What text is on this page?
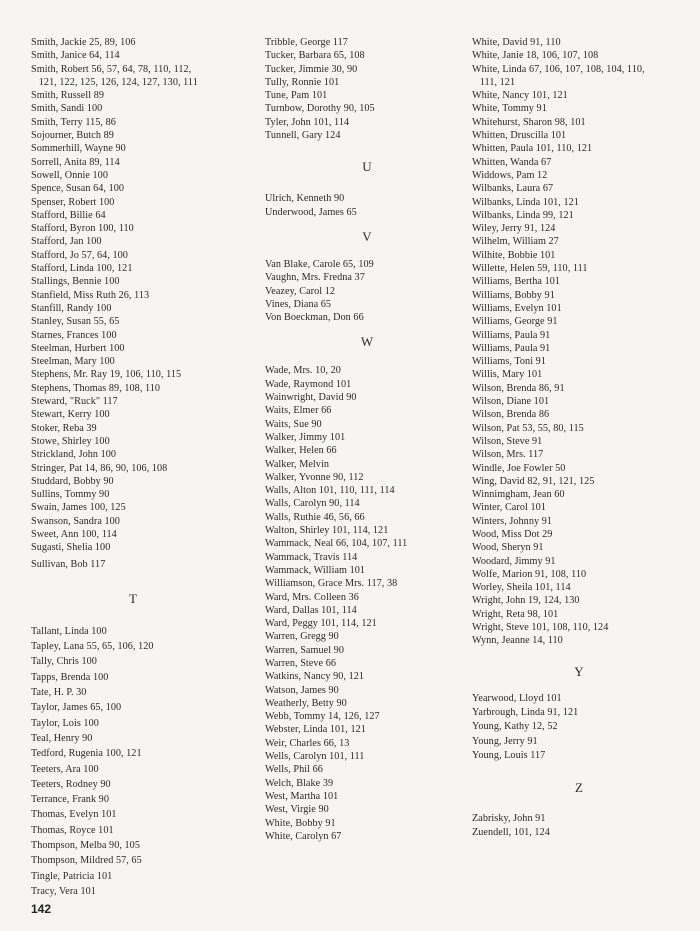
Smith, Jackie 25, 89, 106
Smith, Janice 64, 114
Smith, Robert 56, 57, 64, 78, 110, 112,
121, 122, 125, 126, 124, 127, 130, 111
Smith, Russell 89
Smith, Sandi 100
Smith, Terry 115, 86
Sojourner, Butch 89
Sommerhill, Wayne 90
Sorrell, Anita 89, 114
Sowell, Onnie 100
Spence, Susan 64, 100
Spenser, Robert 100
Stafford, Billie 64
Stafford, Byron 100, 110
Stafford, Jan 100
Stafford, Jo 57, 64, 100
Stafford, Linda 100, 121
Stallings, Bennie 100
Stanfield, Miss Ruth 26, 113
Stanfill, Randy 100
Stanley, Susan 55, 65
Starnes, Frances 100
Steelman, Hurbert 100
Steelman, Mary 100
Stephens, Mr. Ray 19, 106, 110, 115
Stephens, Thomas 89, 108, 110
Steward, "Ruck" 117
Stewart, Kerry 100
Stoker, Reba 39
Stowe, Shirley 100
Strickland, John 100
Stringer, Pat 14, 86, 90, 106, 108
Studdard, Bobby 90
Sullins, Tommy 90
Swain, James 100, 125
Swanson, Sandra 100
Sweet, Ann 100, 114
Sugasti, Shelia 100
Sullivan, Bob 117
T
Tallant, Linda 100
Tapley, Lana 55, 65, 106, 120
Tally, Chris 100
Tapps, Brenda 100
Tate, H. P. 30
Taylor, James 65, 100
Taylor, Lois 100
Teal, Henry 90
Tedford, Rugenia 100, 121
Teeters, Ara 100
Teeters, Rodney 90
Terrance, Frank 90
Thomas, Evelyn 101
Thomas, Royce 101
Thompson, Melba 90, 105
Thompson, Mildred 57, 65
Tingle, Patricia 101
Tracy, Vera 101
Tribble, George 117
Tucker, Barbara 65, 108
Tucker, Jimmie 30, 90
Tully, Ronnie 101
Tune, Pam 101
Turnbow, Dorothy 90, 105
Tyler, John 101, 114
Tunnell, Gary 124
U
Ulrich, Kenneth 90
Underwood, James 65
V
Van Blake, Carole 65, 109
Vaughn, Mrs. Fredna 37
Veazey, Carol 12
Vines, Diana 65
Von Boeckman, Don 66
W
Wade, Mrs. 10, 20
Wade, Raymond 101
Wainwright, David 90
Waits, Elmer 66
Waits, Sue 90
Walker, Jimmy 101
Walker, Helen 66
Walker, Melvin
Walker, Yvonne 90, 112
Walls, Alton 101, 110, 111, 114
Walls, Carolyn 90, 114
Walls, Ruthie 46, 56, 66
Walton, Shirley 101, 114, 121
Wammack, Neal 66, 104, 107, 111
Wammack, Travis 114
Wammack, William 101
Williamson, Grace Mrs. 117, 38
Ward, Mrs. Colleen 36
Ward, Dallas 101, 114
Ward, Peggy 101, 114, 121
Warren, Gregg 90
Warren, Samuel 90
Warren, Steve 66
Watkins, Nancy 90, 121
Watson, James 90
Weatherly, Betty 90
Webb, Tommy 14, 126, 127
Webster, Linda 101, 121
Weir, Charles 66, 13
Wells, Carolyn 101, 111
Wells, Phil 66
Welch, Blake 39
West, Martha 101
West, Virgie 90
White, Bobby 91
White, Carolyn 67
White, David 91, 110
White, Janie 18, 106, 107, 108
White, Linda 67, 106, 107, 108, 104, 110,
111, 121
White, Nancy 101, 121
White, Tommy 91
Whitehurst, Sharon 98, 101
Whitten, Druscilla 101
Whitten, Paula 101, 110, 121
Whitten, Wanda 67
Widdows, Pam 12
Wilbanks, Laura 67
Wilbanks, Linda 101, 121
Wilbanks, Linda 99, 121
Wiley, Jerry 91, 124
Wilhelm, William 27
Wilhite, Bobbie 101
Willette, Helen 59, 110, 111
Williams, Bertha 101
Williams, Bobby 91
Williams, Evelyn 101
Williams, George 91
Williams, Paula 91
Williams, Paula 91
Williams, Toni 91
Willis, Mary 101
Wilson, Brenda 86, 91
Wilson, Diane 101
Wilson, Brenda 86
Wilson, Pat 53, 55, 80, 115
Wilson, Steve 91
Wilson, Mrs. 117
Windle, Joe Fowler 50
Wing, David 82, 91, 121, 125
Winnimgham, Jean 60
Winter, Carol 101
Winters, Johnny 91
Wood, Miss Dot 29
Wood, Sheryn 91
Woodard, Jimmy 91
Wolfe, Marion 91, 108, 110
Worley, Sheila 101, 114
Wright, John 19, 124, 130
Wright, Reta 98, 101
Wright, Steve 101, 108, 110, 124
Wynn, Jeanne 14, 110
Y
Yearwood, Lloyd 101
Yarbrough, Linda 91, 121
Young, Kathy 12, 52
Young, Jerry 91
Young, Louis 117
Z
Zabrisky, John 91
Zuendell, 101, 124
142
